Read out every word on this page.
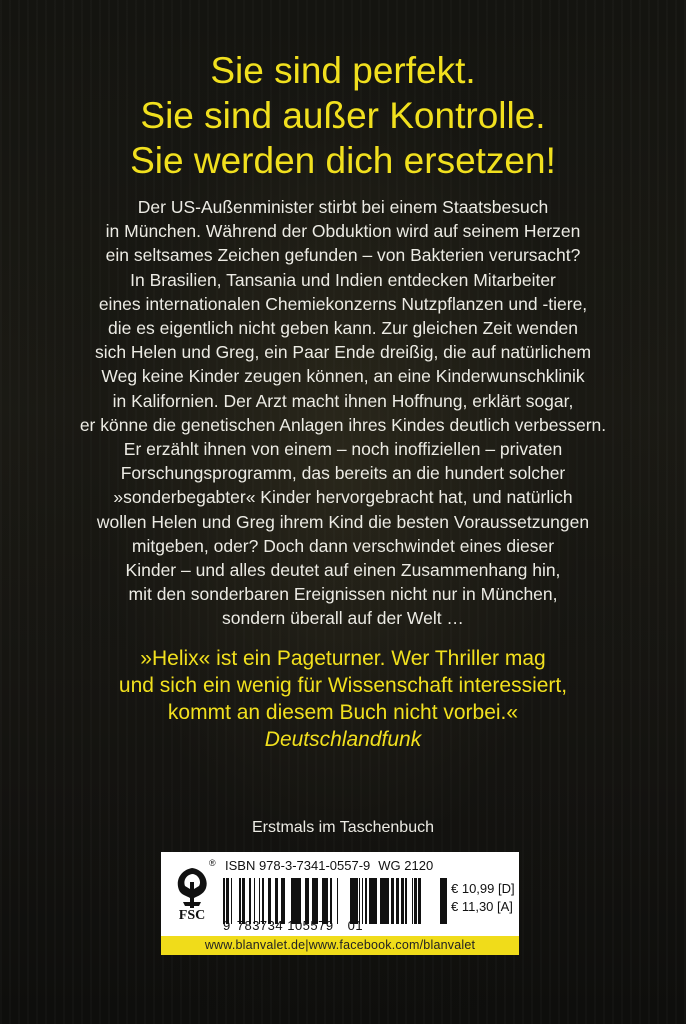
Sie sind perfekt.
Sie sind außer Kontrolle.
Sie werden dich ersetzen!

Der US-Außenminister stirbt bei einem Staatsbesuch
in München. Während der Obduktion wird auf seinem Herzen
ein seltsames Zeichen gefunden – von Bakterien verursacht?
In Brasilien, Tansania und Indien entdecken Mitarbeiter
eines internationalen Chemiekonzerns Nutzpflanzen und -tiere,
die es eigentlich nicht geben kann. Zur gleichen Zeit wenden
sich Helen und Greg, ein Paar Ende dreißig, die auf natürlichem
Weg keine Kinder zeugen können, an eine Kinderwunschklinik
in Kalifornien. Der Arzt macht ihnen Hoffnung, erklärt sogar,
er könne die genetischen Anlagen ihres Kindes deutlich verbessern.
Er erzählt ihnen von einem – noch inoffiziellen – privaten
Forschungsprogramm, das bereits an die hundert solcher
»sonderbegabter« Kinder hervorgebracht hat, und natürlich
wollen Helen und Greg ihrem Kind die besten Voraussetzungen
mitgeben, oder? Doch dann verschwindet eines dieser
Kinder – und alles deutet auf einen Zusammenhang hin,
mit den sonderbaren Ereignissen nicht nur in München,
sondern überall auf der Welt …

»Helix« ist ein Pageturner. Wer Thriller mag
und sich ein wenig für Wissenschaft interessiert,
kommt an diesem Buch nicht vorbei.«
Deutschlandfunk

Erstmals im Taschenbuch
FSC
® ISBN 978-3-7341-0557-9 WG 2120
9 783734 105579 01
€ 10,99 [D]
€ 11,30 [A]
www.blanvalet.de|www.facebook.com/blanvalet
